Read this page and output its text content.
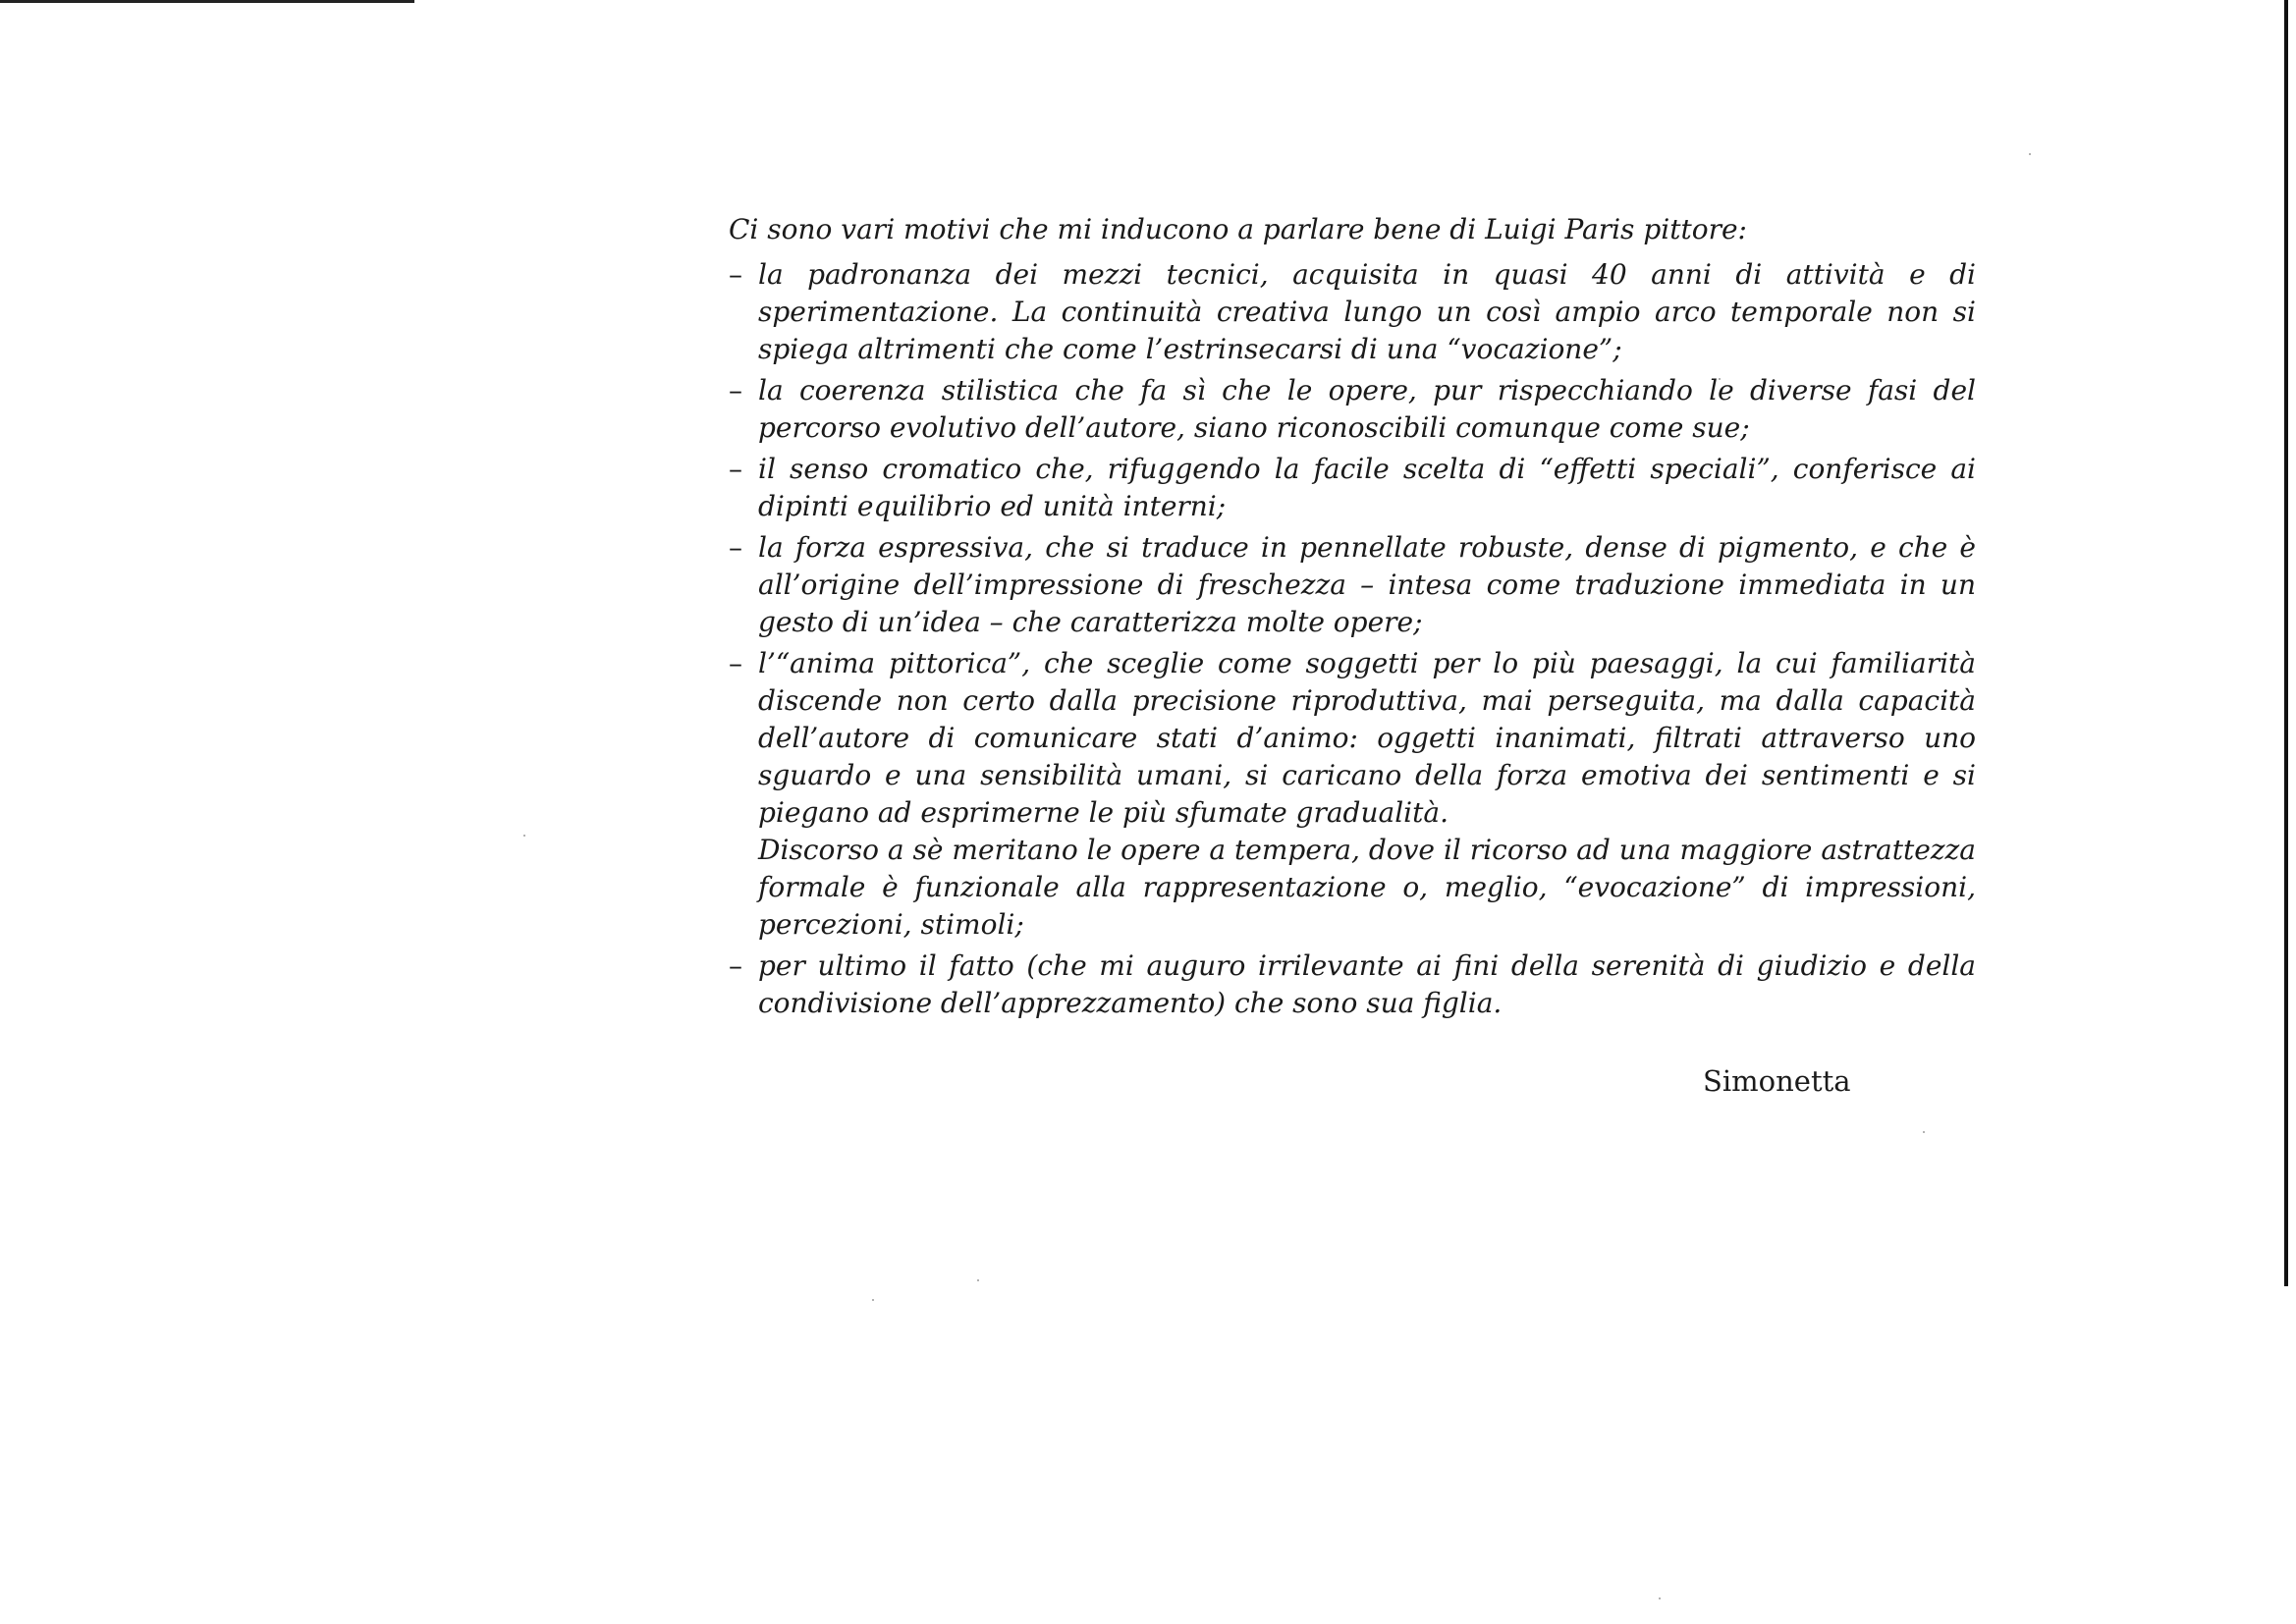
Ci sono vari motivi che mi inducono a parlare bene di Luigi Paris pittore:

– la padronanza dei mezzi tecnici, acquisita in quasi 40 anni di attività e di sperimentazione. La continuità creativa lungo un così ampio arco temporale non si spiega altrimenti che come l’estrinsecarsi di una “vocazione”;
– la coerenza stilistica che fa sì che le opere, pur rispecchiando le diverse fasi del percorso evolutivo dell’autore, siano riconoscibili comunque come sue;
– il senso cromatico che, rifuggendo la facile scelta di “effetti speciali”, conferisce ai dipinti equilibrio ed unità interni;
– la forza espressiva, che si traduce in pennellate robuste, dense di pigmento, e che è all’origine dell’impressione di freschezza – intesa come traduzione immediata in un gesto di un’idea – che caratterizza molte opere;
– l’“anima pittorica”, che sceglie come soggetti per lo più paesaggi, la cui familiarità discende non certo dalla precisione riproduttiva, mai perseguita, ma dalla capacità dell’autore di comunicare stati d’animo: oggetti inanimati, filtrati attraverso uno sguardo e una sensibilità umani, si caricano della forza emotiva dei sentimenti e si piegano ad esprimerne le più sfumate gradualità.

Discorso a sè meritano le opere a tempera, dove il ricorso ad una maggiore astrattezza formale è funzionale alla rappresentazione o, meglio, “evocazione” di impressioni, percezioni, stimoli;

– per ultimo il fatto (che mi auguro irrilevante ai fini della serenità di giudizio e della condivisione dell’apprezzamento) che sono sua figlia.
Simonetta
